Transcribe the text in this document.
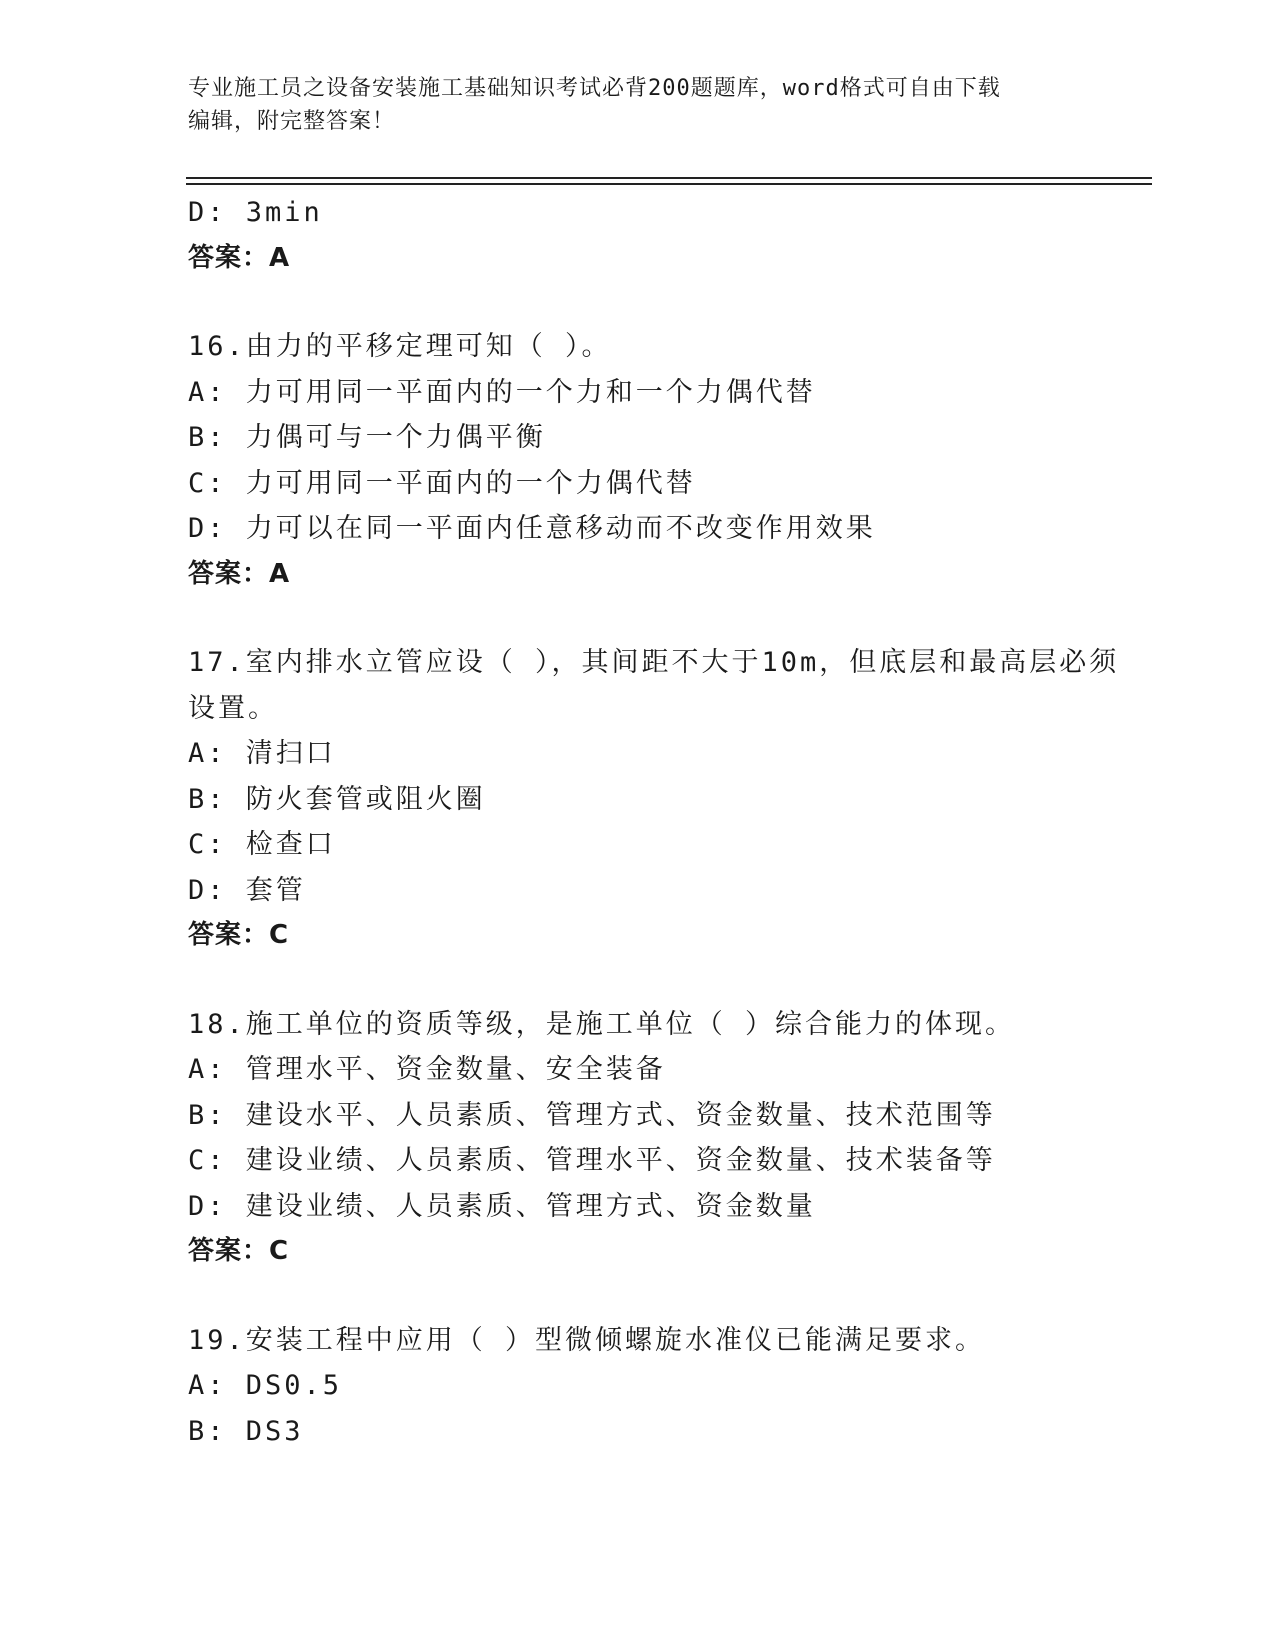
专业施工员之设备安装施工基础知识考试必背200题题库，word格式可自由下载
编辑，附完整答案！
D: 3min
答案：A
16.由力的平移定理可知（ ）。
A: 力可用同一平面内的一个力和一个力偶代替
B: 力偶可与一个力偶平衡
C: 力可用同一平面内的一个力偶代替
D: 力可以在同一平面内任意移动而不改变作用效果
答案：A
17.室内排水立管应设（ ），其间距不大于10m，但底层和最高层必须
设置。
A: 清扫口
B: 防火套管或阻火圈
C: 检查口
D: 套管
答案：C
18.施工单位的资质等级，是施工单位（ ）综合能力的体现。
A: 管理水平、资金数量、安全装备
B: 建设水平、人员素质、管理方式、资金数量、技术范围等
C: 建设业绩、人员素质、管理水平、资金数量、技术装备等
D: 建设业绩、人员素质、管理方式、资金数量
答案：C
19.安装工程中应用（ ）型微倾螺旋水准仪已能满足要求。
A: DS0.5
B: DS3
